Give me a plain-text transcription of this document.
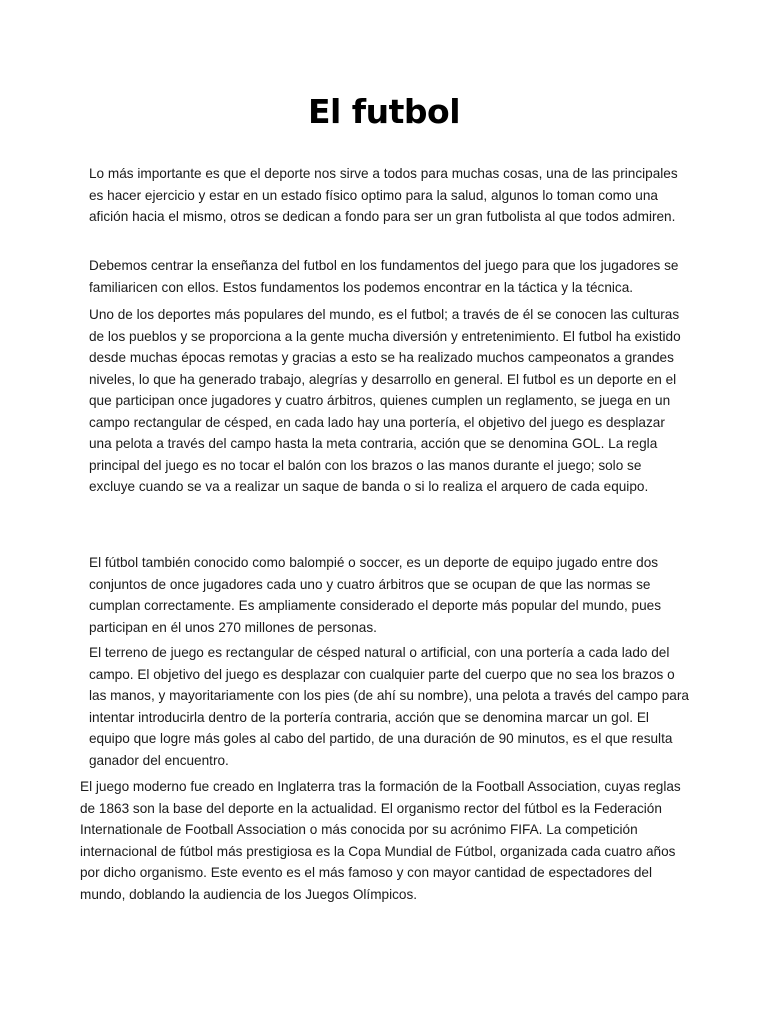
El futbol

Lo más importante es que el deporte nos sirve a todos para muchas cosas, una de las principales es hacer ejercicio y estar en un estado físico optimo para la salud, algunos lo toman como una afición hacia el mismo, otros se dedican a fondo para ser un gran futbolista al que todos admiren.

Debemos centrar la enseñanza del futbol en los fundamentos del juego para que los jugadores se familiaricen con ellos. Estos fundamentos los podemos encontrar en la táctica y la técnica.

Uno de los deportes más populares del mundo, es el futbol; a través de él se conocen las culturas de los pueblos y se proporciona a la gente mucha diversión y entretenimiento. El futbol ha existido desde muchas épocas remotas y gracias a esto se ha realizado muchos campeonatos a grandes niveles, lo que ha generado trabajo, alegrías y desarrollo en general. El futbol es un deporte en el que participan once jugadores y cuatro árbitros, quienes cumplen un reglamento, se juega en un campo rectangular de césped, en cada lado hay una portería, el objetivo del juego es desplazar una pelota a través del campo hasta la meta contraria, acción que se denomina GOL. La regla principal del juego es no tocar el balón con los brazos o las manos durante el juego; solo se excluye cuando se va a realizar un saque de banda o si lo realiza el arquero de cada equipo.

El fútbol también conocido como balompié o soccer, es un deporte de equipo jugado entre dos conjuntos de once jugadores cada uno y cuatro árbitros que se ocupan de que las normas se cumplan correctamente. Es ampliamente considerado el deporte más popular del mundo, pues participan en él unos 270 millones de personas.

El terreno de juego es rectangular de césped natural o artificial, con una portería a cada lado del campo. El objetivo del juego es desplazar con cualquier parte del cuerpo que no sea los brazos o las manos, y mayoritariamente con los pies (de ahí su nombre), una pelota a través del campo para intentar introducirla dentro de la portería contraria, acción que se denomina marcar un gol. El equipo que logre más goles al cabo del partido, de una duración de 90 minutos, es el que resulta ganador del encuentro.

El juego moderno fue creado en Inglaterra tras la formación de la Football Association, cuyas reglas de 1863 son la base del deporte en la actualidad. El organismo rector del fútbol es la Federación Internationale de Football Association o más conocida por su acrónimo FIFA. La competición internacional de fútbol más prestigiosa es la Copa Mundial de Fútbol, organizada cada cuatro años por dicho organismo. Este evento es el más famoso y con mayor cantidad de espectadores del mundo, doblando la audiencia de los Juegos Olímpicos.
